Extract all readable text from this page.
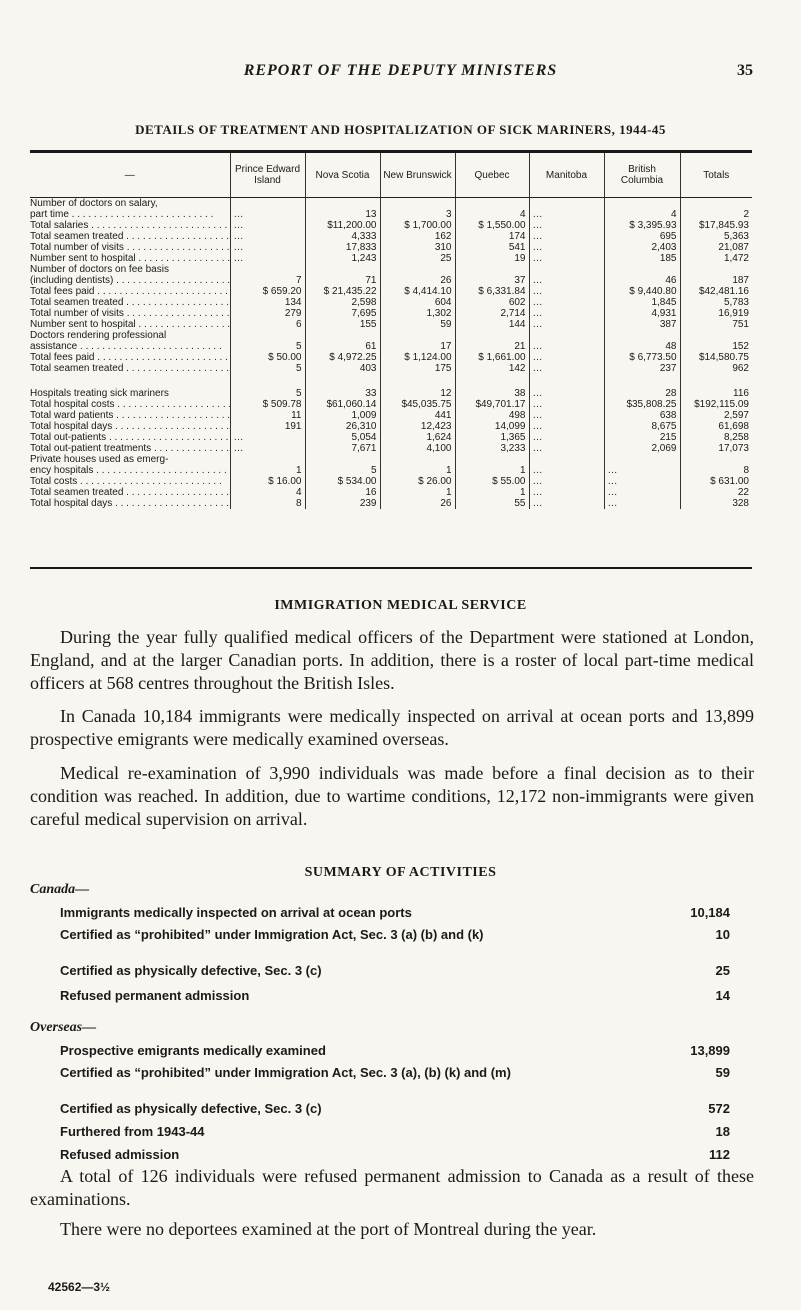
REPORT OF THE DEPUTY MINISTERS	35
DETAILS OF TREATMENT AND HOSPITALIZATION OF SICK MARINERS, 1944-45
—	Prince Edward Island	Nova Scotia	New Brunswick	Quebec	Manitoba	British Columbia	Totals
Number of doctors on salary,							
part time . . .	…	13	3	4	…	4	2
Total salaries . . .	…	$11,200.00	$ 1,700.00	$ 1,550.00	…	$ 3,395.93	$17,845.93
Total seamen treated . . .	…	4,333	162	174	…	695	5,363
Total number of visits . . .	…	17,833	310	541	…	2,403	21,087
Number sent to hospital . . .	…	1,243	25	19	…	185	1,472
Number of doctors on fee basis							
(including dentists) . . .	7	71	26	37	…	46	187
Total fees paid . . .	$ 659.20	$ 21,435.22	$ 4,414.10	$ 6,331.84	…	$ 9,440.80	$42,481.16
Total seamen treated . . .	134	2,598	604	602	…	1,845	5,783
Total number of visits . . .	279	7,695	1,302	2,714	…	4,931	16,919
Number sent to hospital . . .	6	155	59	144	…	387	751
Doctors rendering professional							
assistance . . .	5	61	17	21	…	48	152
Total fees paid . . .	$ 50.00	$ 4,972.25	$ 1,124.00	$ 1,661.00	…	$ 6,773.50	$14,580.75
Total seamen treated . . .	5	403	175	142	…	237	962

Hospitals treating sick mariners	5	33	12	38	…	28	116
Total hospital costs . . .	$ 509.78	$61,060.14	$45,035.75	$49,701.17	…	$35,808.25	$192,115.09
Total ward patients . . .	11	1,009	441	498	…	638	2,597
Total hospital days . . .	191	26,310	12,423	14,099	…	8,675	61,698
Total out-patients . . .	…	5,054	1,624	1,365	…	215	8,258
Total out-patient treatments . . .	…	7,671	4,100	3,233	…	2,069	17,073
Private houses used as emerg-							
ency hospitals . . .	1	5	1	1	…	…	8
Total costs . . .	$ 16.00	$ 534.00	$ 26.00	$ 55.00	…	…	$ 631.00
Total seamen treated . . .	4	16	1	1	…	…	22
Total hospital days . . .	8	239	26	55	…	…	328
IMMIGRATION MEDICAL SERVICE

During the year fully qualified medical officers of the Department were stationed at London, England, and at the larger Canadian ports. In addition, there is a roster of local part-time medical officers at 568 centres throughout the British Isles.

In Canada 10,184 immigrants were medically inspected on arrival at ocean ports and 13,899 prospective emigrants were medically examined overseas.

Medical re-examination of 3,990 individuals was made before a final decision as to their condition was reached. In addition, due to wartime conditions, 12,172 non-immigrants were given careful medical supervision on arrival.

SUMMARY OF ACTIVITIES
Canada—
Immigrants medically inspected on arrival at ocean ports	10,184
Certified as “prohibited” under Immigration Act, Sec. 3 (a) (b) and (k)	10
Certified as physically defective, Sec. 3 (c)	25
Refused permanent admission	14
Overseas—
Prospective emigrants medically examined	13,899
Certified as “prohibited” under Immigration Act, Sec. 3 (a), (b) (k) and (m)	59
Certified as physically defective, Sec. 3 (c)	572
Furthered from 1943-44	18
Refused admission	112

A total of 126 individuals were refused permanent admission to Canada as a result of these examinations.

There were no deportees examined at the port of Montreal during the year.

42562—3½
